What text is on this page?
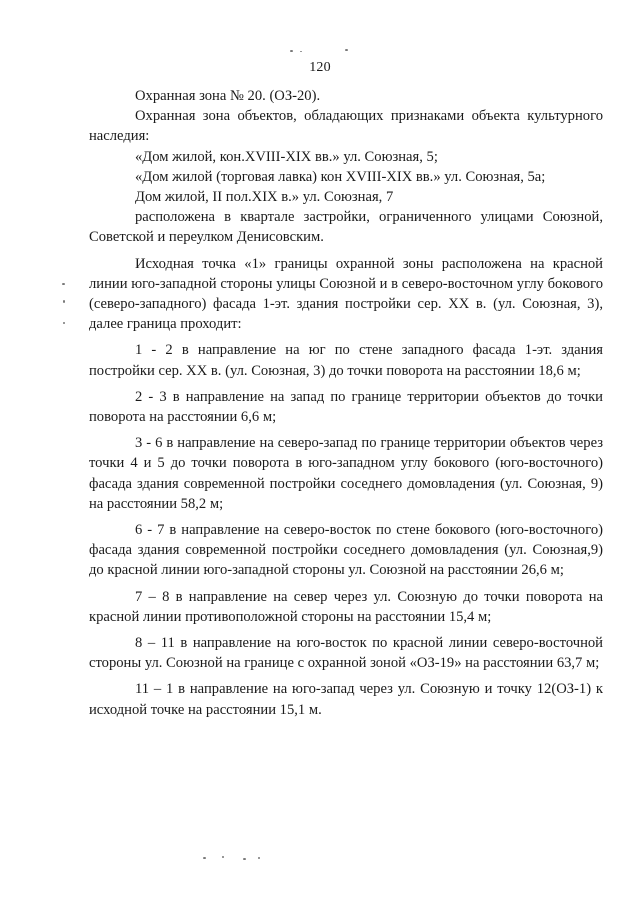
120

Охранная зона № 20. (ОЗ-20).

Охранная зона объектов, обладающих признаками объекта культурного наследия:

«Дом жилой, кон.XVIII-XIX вв.» ул. Союзная, 5;

«Дом жилой (торговая лавка) кон XVIII-XIX вв.» ул. Союзная, 5а;

Дом жилой, II пол.XIX в.» ул. Союзная, 7

расположена в квартале застройки, ограниченного улицами Союзной, Советской и переулком Денисовским.

Исходная точка «1» границы охранной зоны расположена на красной линии юго-западной стороны улицы Союзной и в северо-восточном углу бокового (северо-западного) фасада 1-эт. здания постройки сер. XX в. (ул. Союзная, 3), далее граница проходит:

1 - 2 в направление на юг по стене западного фасада 1-эт. здания постройки сер. XX в. (ул. Союзная, 3) до точки поворота на расстоянии 18,6 м;

2 - 3 в направление на запад по границе территории объектов до точки поворота на расстоянии 6,6 м;

3 - 6 в направление на северо-запад по границе территории объектов через точки 4 и 5 до точки поворота в юго-западном углу бокового (юго-восточного) фасада здания современной постройки соседнего домовладения (ул. Союзная, 9) на расстоянии 58,2 м;

6 - 7 в направление на северо-восток по стене бокового (юго-восточного) фасада здания современной постройки соседнего домовладения (ул. Союзная,9) до красной линии юго-западной стороны ул. Союзной на расстоянии 26,6 м;

7 – 8 в направление на север через ул. Союзную до точки поворота на красной линии противоположной стороны на расстоянии 15,4 м;

8 – 11 в направление на юго-восток по красной линии северо-восточной стороны ул. Союзной на границе с охранной зоной «ОЗ-19» на расстоянии 63,7 м;

11 – 1 в направление на юго-запад через ул. Союзную и точку 12(ОЗ-1) к исходной точке на расстоянии 15,1 м.
